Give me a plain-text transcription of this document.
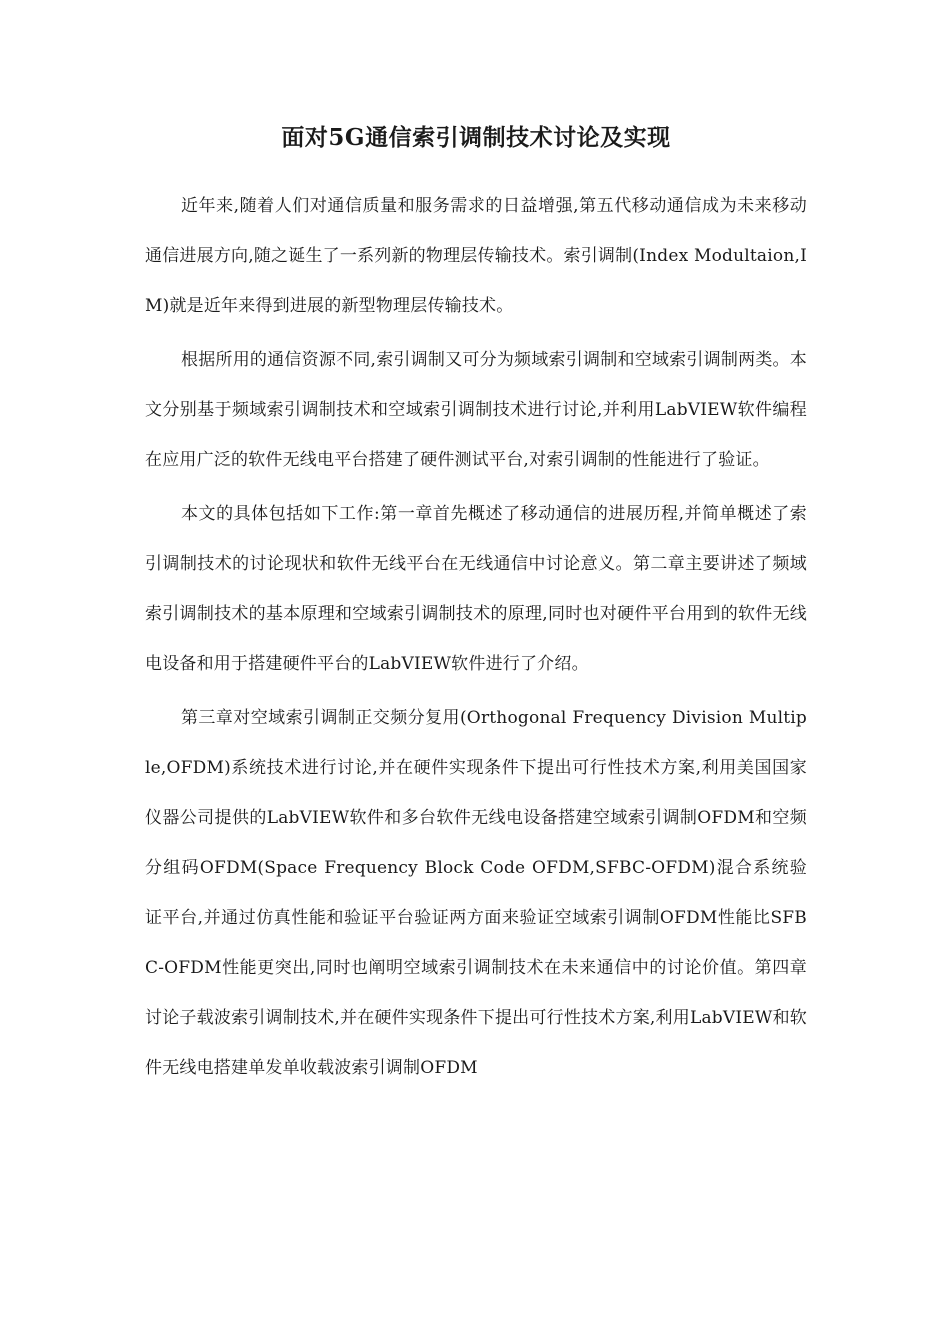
面对5G通信索引调制技术讨论及实现

近年来,随着人们对通信质量和服务需求的日益增强,第五代移动通信成为未来移动通信进展方向,随之诞生了一系列新的物理层传输技术。索引调制(Index Modultaion,IM)就是近年来得到进展的新型物理层传输技术。

根据所用的通信资源不同,索引调制又可分为频域索引调制和空域索引调制两类。本文分别基于频域索引调制技术和空域索引调制技术进行讨论,并利用LabVIEW软件编程在应用广泛的软件无线电平台搭建了硬件测试平台,对索引调制的性能进行了验证。

本文的具体包括如下工作:第一章首先概述了移动通信的进展历程,并简单概述了索引调制技术的讨论现状和软件无线平台在无线通信中讨论意义。第二章主要讲述了频域索引调制技术的基本原理和空域索引调制技术的原理,同时也对硬件平台用到的软件无线电设备和用于搭建硬件平台的LabVIEW软件进行了介绍。

第三章对空域索引调制正交频分复用(Orthogonal Frequency Division Multiple,OFDM)系统技术进行讨论,并在硬件实现条件下提出可行性技术方案,利用美国国家仪器公司提供的LabVIEW软件和多台软件无线电设备搭建空域索引调制OFDM和空频分组码OFDM(Space Frequency Block Code OFDM,SFBC-OFDM)混合系统验证平台,并通过仿真性能和验证平台验证两方面来验证空域索引调制OFDM性能比SFBC-OFDM性能更突出,同时也阐明空域索引调制技术在未来通信中的讨论价值。第四章讨论子载波索引调制技术,并在硬件实现条件下提出可行性技术方案,利用LabVIEW和软件无线电搭建单发单收载波索引调制OFDM
